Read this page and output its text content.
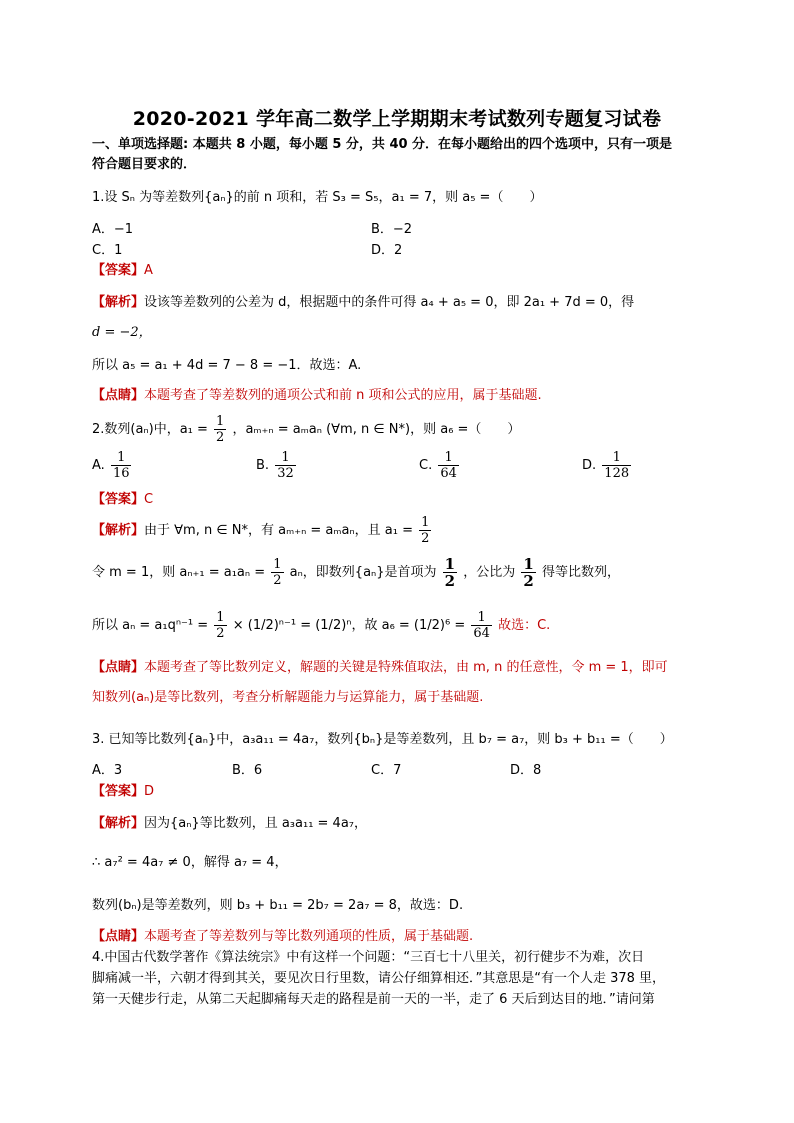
2020-2021 学年高二数学上学期期末考试数列专题复习试卷
一、单项选择题: 本题共 8 小题，每小题 5 分，共 40 分．在每小题给出的四个选项中，只有一项是
符合题目要求的．
1.设 Sₙ 为等差数列{aₙ}的前 n 项和，若 S₃ = S₅，a₁ = 7，则 a₅ =（　　）
A．−1	B．−2
C．1	D．2
【答案】A
【解析】设该等差数列的公差为 d，根据题中的条件可得 a₄ + a₅ = 0，即 2a₁ + 7d = 0，得
d = −2，
所以 a₅ = a₁ + 4d = 7 − 8 = −1．故选：A.
【点睛】本题考查了等差数列的通项公式和前 n 项和公式的应用，属于基础题.
2.数列(aₙ)中，$a_1 = \frac{1}{2}$ ，aₘ₊ₙ = aₘaₙ (∀m, n ∈ N*)，则 a₆ =（　　）
A. $\frac{1}{16}$	B. $\frac{1}{32}$	C. $\frac{1}{64}$	D. $\frac{1}{128}$
【答案】C
【解析】由于 ∀m, n ∈ N*，有 aₘ₊ₙ = aₘaₙ，且 $a_1 = \frac{1}{2}$
令 m = 1，则 $a_{n+1} = a_1a_n = \frac{1}{2}$ aₙ，即数列{aₙ}是首项为 $\frac{1}{2}$ ，公比为 $\frac{1}{2}$ 得等比数列，
所以 $a_n = a_1q^{n-1} = \frac{1}{2} \times (1/2)^{n-1} = (1/2)^n$，故 $a_6 = (1/2)^6 = \frac{1}{64}$ 故选：C.
【点睛】本题考查了等比数列定义，解题的关键是特殊值取法，由 m, n 的任意性，令 m = 1，即可
知数列(aₙ)是等比数列，考查分析解题能力与运算能力，属于基础题.
3. 已知等比数列{aₙ}中，a₃a₁₁ = 4a₇，数列{bₙ}是等差数列，且 b₇ = a₇，则 b₃ + b₁₁ =（　　）
A．3	B．6	C．7	D．8
【答案】D
【解析】因为{aₙ}等比数列，且 a₃a₁₁ = 4a₇，
∴ a₇² = 4a₇ ≠ 0，解得 a₇ = 4，
数列(bₙ)是等差数列，则 b₃ + b₁₁ = 2b₇ = 2a₇ = 8，故选：D.
【点睛】本题考查了等差数列与等比数列通项的性质，属于基础题.
4.中国古代数学著作《算法统宗》中有这样一个问题：“三百七十八里关，初行健步不为难，次日
脚痛减一半，六朝才得到其关，要见次日行里数，请公仔细算相还．”其意思是“有一个人走 378 里，
第一天健步行走，从第二天起脚痛每天走的路程是前一天的一半，走了 6 天后到达目的地．”请问第
